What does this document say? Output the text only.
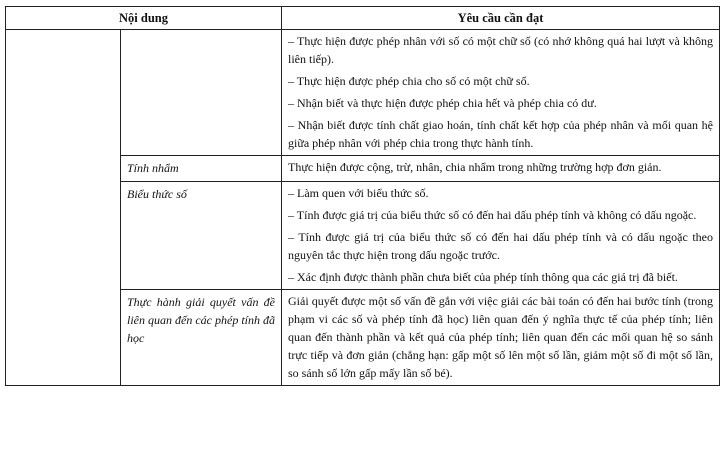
Nội dung		Yêu cầu cần đạt

		– Thực hiện được phép nhân với số có một chữ số (có nhớ không quá hai lượt và không liên tiếp).

– Thực hiện được phép chia cho số có một chữ số.

– Nhận biết và thực hiện được phép chia hết và phép chia có dư.

– Nhận biết được tính chất giao hoán, tính chất kết hợp của phép nhân và mối quan hệ giữa phép nhân với phép chia trong thực hành tính.

	Tính nhẩm	Thực hiện được cộng, trừ, nhân, chia nhẩm trong những trường hợp đơn giản.

	Biểu thức số	– Làm quen với biểu thức số.

– Tính được giá trị của biểu thức số có đến hai dấu phép tính và không có dấu ngoặc.

– Tính được giá trị của biểu thức số có đến hai dấu phép tính và có dấu ngoặc theo nguyên tắc thực hiện trong dấu ngoặc trước.

– Xác định được thành phần chưa biết của phép tính thông qua các giá trị đã biết.

	Thực hành giải quyết vấn đề liên quan đến các phép tính đã học	Giải quyết được một số vấn đề gắn với việc giải các bài toán có đến hai bước tính (trong phạm vi các số và phép tính đã học) liên quan đến ý nghĩa thực tế của phép tính; liên quan đến thành phần và kết quả của phép tính; liên quan đến các mối quan hệ so sánh trực tiếp và đơn giản (chẳng hạn: gấp một số lên một số lần, giảm một số đi một số lần, so sánh số lớn gấp mấy lần số bé).
